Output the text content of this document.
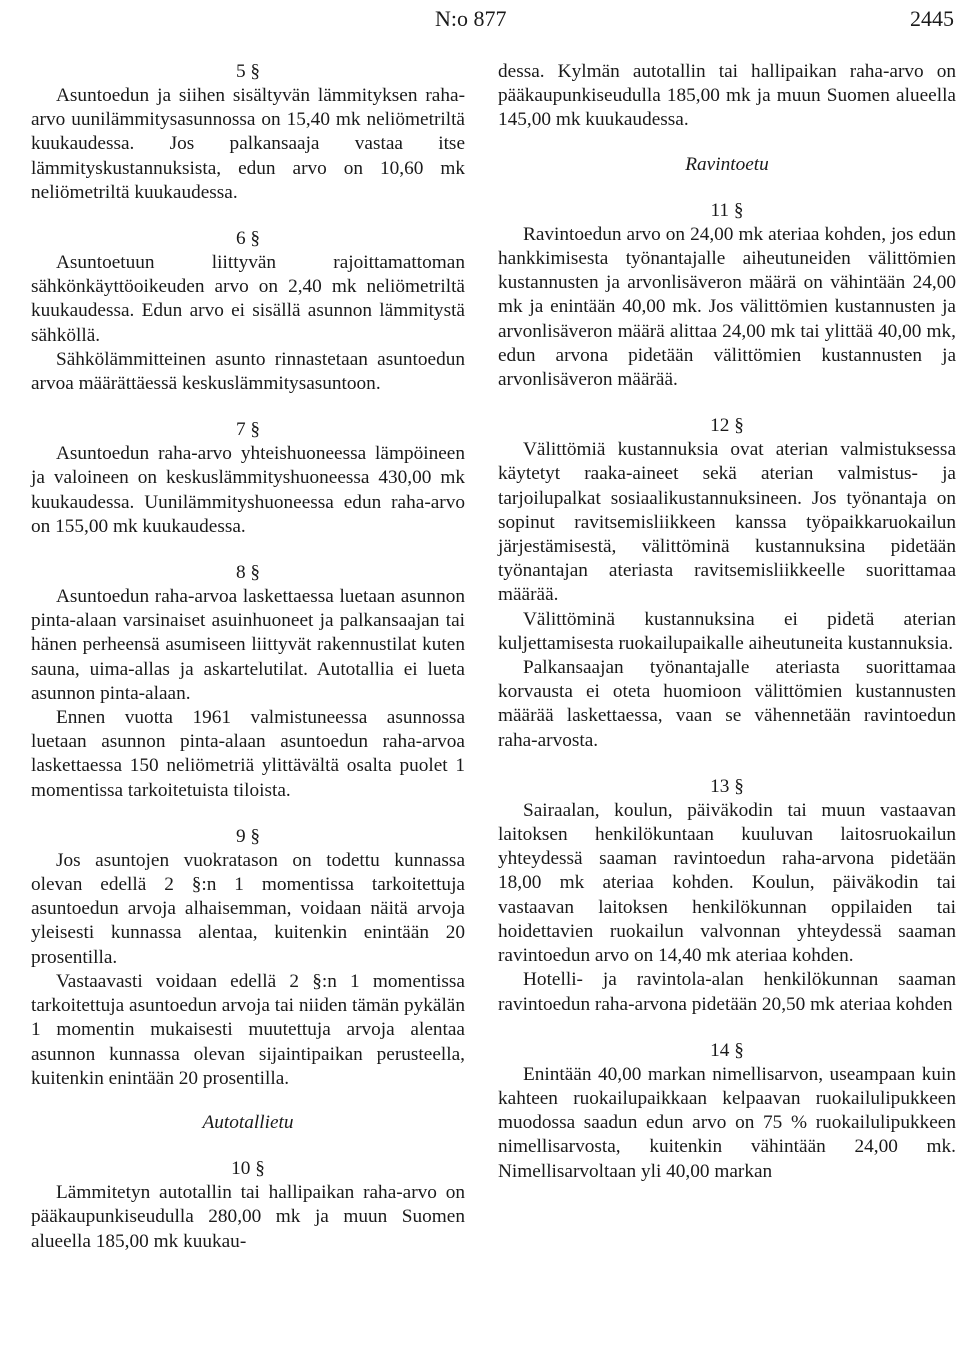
N:o 877	2445
5 §

Asuntoedun ja siihen sisältyvän lämmityksen raha-arvo uunilämmitysasunnossa on 15,40 mk neliömetriltä kuukaudessa. Jos palkansaaja vastaa itse lämmityskustannuksista, edun arvo on 10,60 mk neliömetriltä kuukaudessa.

6 §

Asuntoetuun liittyvän rajoittamattoman sähkönkäyttöoikeuden arvo on 2,40 mk neliömetriltä kuukaudessa. Edun arvo ei sisällä asunnon lämmitystä sähköllä.

Sähkölämmitteinen asunto rinnastetaan asuntoedun arvoa määrättäessä keskuslämmitysasuntoon.

7 §

Asuntoedun raha-arvo yhteishuoneessa lämpöineen ja valoineen on keskuslämmityshuoneessa 430,00 mk kuukaudessa. Uunilämmityshuoneessa edun raha-arvo on 155,00 mk kuukaudessa.

8 §

Asuntoedun raha-arvoa laskettaessa luetaan asunnon pinta-alaan varsinaiset asuinhuoneet ja palkansaajan tai hänen perheensä asumiseen liittyvät rakennustilat kuten sauna, uima-allas ja askartelutilat. Autotallia ei lueta asunnon pinta-alaan.

Ennen vuotta 1961 valmistuneessa asunnossa luetaan asunnon pinta-alaan asuntoedun raha-arvoa laskettaessa 150 neliömetriä ylittävältä osalta puolet 1 momentissa tarkoitetuista tiloista.

9 §

Jos asuntojen vuokratason on todettu kunnassa olevan edellä 2 §:n 1 momentissa tarkoitettuja asuntoedun arvoja alhaisemman, voidaan näitä arvoja yleisesti kunnassa alentaa, kuitenkin enintään 20 prosentilla.

Vastaavasti voidaan edellä 2 §:n 1 momentissa tarkoitettuja asuntoedun arvoja tai niiden tämän pykälän 1 momentin mukaisesti muutettuja arvoja alentaa asunnon kunnassa olevan sijaintipaikan perusteella, kuitenkin enintään 20 prosentilla.

Autotallietu
10 §

Lämmitetyn autotallin tai hallipaikan raha-arvo on pääkaupunkiseudulla 280,00 mk ja muun Suomen alueella 185,00 mk kuukau-

dessa. Kylmän autotallin tai hallipaikan raha-arvo on pääkaupunkiseudulla 185,00 mk ja muun Suomen alueella 145,00 mk kuukaudessa.

Ravintoetu
11 §

Ravintoedun arvo on 24,00 mk ateriaa kohden, jos edun hankkimisesta työnantajalle aiheutuneiden välittömien kustannusten ja arvonlisäveron määrä on vähintään 24,00 mk ja enintään 40,00 mk. Jos välittömien kustannusten ja arvonlisäveron määrä alittaa 24,00 mk tai ylittää 40,00 mk, edun arvona pidetään välittömien kustannusten ja arvonlisäveron määrää.

12 §

Välittömiä kustannuksia ovat aterian valmistuksessa käytetyt raaka-aineet sekä aterian valmistus- ja tarjoilupalkat sosiaalikustannuksineen. Jos työnantaja on sopinut ravitsemisliikkeen kanssa työpaikkaruokailun järjestämisestä, välittöminä kustannuksina pidetään työnantajan ateriasta ravitsemisliikkeelle suorittamaa määrää.

Välittöminä kustannuksina ei pidetä aterian kuljettamisesta ruokailupaikalle aiheutuneita kustannuksia.

Palkansaajan työnantajalle ateriasta suorittamaa korvausta ei oteta huomioon välittömien kustannusten määrää laskettaessa, vaan se vähennetään ravintoedun raha-arvosta.

13 §

Sairaalan, koulun, päiväkodin tai muun vastaavan laitoksen henkilökuntaan kuuluvan laitosruokailun yhteydessä saaman ravintoedun raha-arvona pidetään 18,00 mk ateriaa kohden. Koulun, päiväkodin tai vastaavan laitoksen henkilökunnan oppilaiden tai hoidettavien ruokailun valvonnan yhteydessä saaman ravintoedun arvo on 14,40 mk ateriaa kohden.

Hotelli- ja ravintola-alan henkilökunnan saaman ravintoedun raha-arvona pidetään 20,50 mk ateriaa kohden

14 §

Enintään 40,00 markan nimellisarvon, useampaan kuin kahteen ruokailupaikkaan kelpaavan ruokailulipukkeen muodossa saadun edun arvo on 75 % ruokailulipukkeen nimellisarvosta, kuitenkin vähintään 24,00 mk. Nimellisarvoltaan yli 40,00 markan
